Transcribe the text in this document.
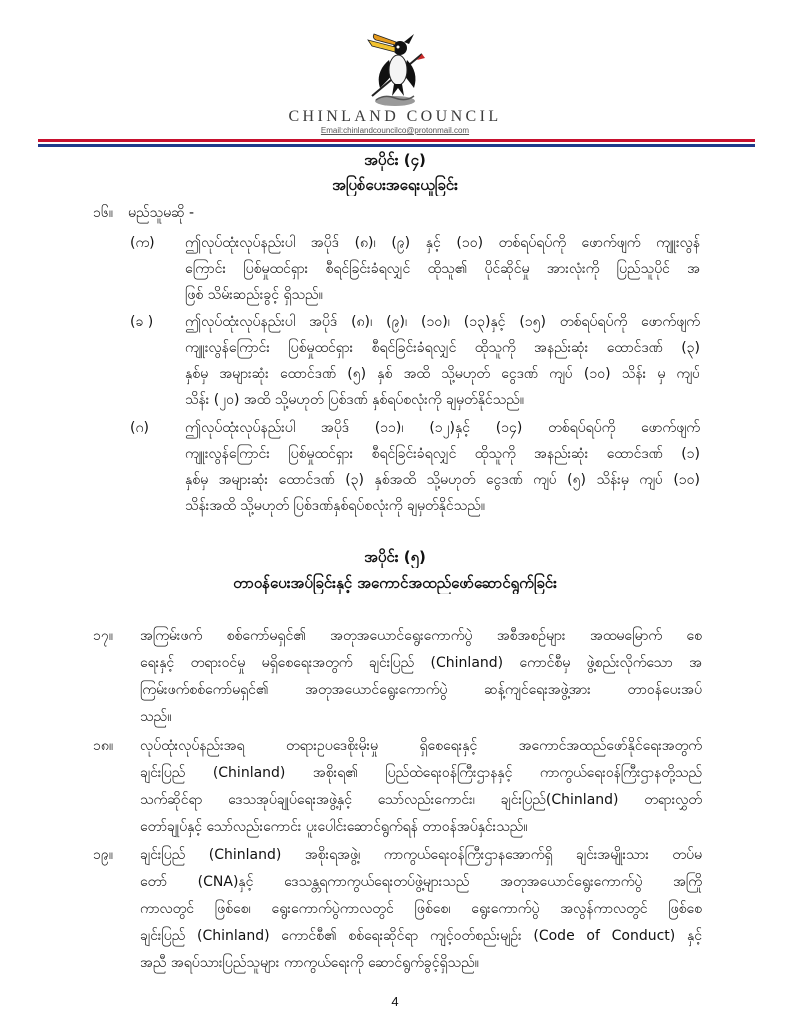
CHINLAND COUNCIL
Email:chinlandcouncilco@protonmail.com
အပိုင်း (၄)
အပြစ်ပေးအရေးယူခြင်း
၁၆။ မည်သူမဆို -
(က) ဤလုပ်ထုံးလုပ်နည်းပါ အပိုဒ် (၈)၊ (၉) နှင့် (၁၀) တစ်ရပ်ရပ်ကို ဖောက်ဖျက် ကျူးလွန်
ကြောင်း ပြစ်မှုထင်ရှား စီရင်ခြင်းခံရလျှင် ထိုသူ၏ ပိုင်ဆိုင်မှု အားလုံးကို ပြည်သူပိုင် အ
ဖြစ် သိမ်းဆည်းခွင့် ရှိသည်။
(ခ ) ဤလုပ်ထုံးလုပ်နည်းပါ အပိုဒ် (၈)၊ (၉)၊ (၁၀)၊ (၁၃)နှင့် (၁၅) တစ်ရပ်ရပ်ကို ဖောက်ဖျက်
ကျူးလွန်ကြောင်း ပြစ်မှုထင်ရှား စီရင်ခြင်းခံရလျှင် ထိုသူကို အနည်းဆုံး ထောင်ဒဏ် (၃)
နှစ်မှ အများဆုံး ထောင်ဒဏ် (၅) နှစ် အထိ သို့မဟုတ် ငွေဒဏ် ကျပ် (၁၀) သိန်း မှ ကျပ်
သိန်း (၂၀) အထိ သို့မဟုတ် ပြစ်ဒဏ် နှစ်ရပ်စလုံးကို ချမှတ်နိုင်သည်။
(ဂ)	ဤလုပ်ထုံးလုပ်နည်းပါ အပိုဒ် (၁၁)၊ (၁၂)နှင့် (၁၄) တစ်ရပ်ရပ်ကို ဖောက်ဖျက်
ကျူးလွန်ကြောင်း ပြစ်မှုထင်ရှား စီရင်ခြင်းခံရလျှင် ထိုသူကို အနည်းဆုံး ထောင်ဒဏ် (၁)
နှစ်မှ အများဆုံး ထောင်ဒဏ် (၃) နှစ်အထိ သို့မဟုတ် ငွေဒဏ် ကျပ် (၅) သိန်းမှ ကျပ် (၁၀)
သိန်းအထိ သို့မဟုတ် ပြစ်ဒဏ်နှစ်ရပ်စလုံးကို ချမှတ်နိုင်သည်။
အပိုင်း (၅)
တာဝန်ပေးအပ်ခြင်းနှင့် အကောင်အထည်ဖော်ဆောင်ရွက်ခြင်း
၁၇။ အကြမ်းဖက် စစ်ကော်မရှင်၏ အတုအယောင်ရွေးကောက်ပွဲ အစီအစဉ်များ အထမမြောက် စေ
ရေးနှင့် တရားဝင်မှု မရှိစေရေးအတွက် ချင်းပြည် (Chinland) ကောင်စီမှ ဖွဲ့စည်းလိုက်သော အ
ကြမ်းဖက်စစ်ကော်မရှင်၏ အတုအယောင်ရွေးကောက်ပွဲ ဆန့်ကျင်ရေးအဖွဲ့အား တာဝန်ပေးအပ်
သည်။
၁၈။ လုပ်ထုံးလုပ်နည်းအရ တရားဥပဒေစိုးမိုးမှု ရှိစေရေးနှင့် အကောင်အထည်ဖော်နိုင်ရေးအတွက်
ချင်းပြည် (Chinland) အစိုးရ၏ ပြည်ထဲရေးဝန်ကြီးဌာနနှင့် ကာကွယ်ရေးဝန်ကြီးဌာနတို့သည်
သက်ဆိုင်ရာ ဒေသအုပ်ချုပ်ရေးအဖွဲ့နှင့် သော်လည်းကောင်း၊ ချင်းပြည်(Chinland) တရားလွှတ်
တော်ချုပ်နှင့် သော်လည်းကောင်း ပူးပေါင်းဆောင်ရွက်ရန် တာဝန်အပ်နှင်းသည်။
၁၉။ ချင်းပြည် (Chinland) အစိုးရအဖွဲ့၊ ကာကွယ်ရေးဝန်ကြီးဌာနအောက်ရှိ ချင်းအမျိုးသား တပ်မ
တော် (CNA)နှင့် ဒေသန္တရကာကွယ်ရေးတပ်ဖွဲ့များသည် အတုအယောင်ရွေးကောက်ပွဲ အကြို
ကာလတွင် ဖြစ်စေ၊ ရွေးကောက်ပွဲကာလတွင် ဖြစ်စေ၊ ရွေးကောက်ပွဲ အလွန်ကာလတွင် ဖြစ်စေ
ချင်းပြည် (Chinland) ကောင်စီ၏ စစ်ရေးဆိုင်ရာ ကျင့်ဝတ်စည်းမျဉ်း (Code of Conduct) နှင့်
အညီ အရပ်သားပြည်သူများ ကာကွယ်ရေးကို ဆောင်ရွက်ခွင့်ရှိသည်။
4
